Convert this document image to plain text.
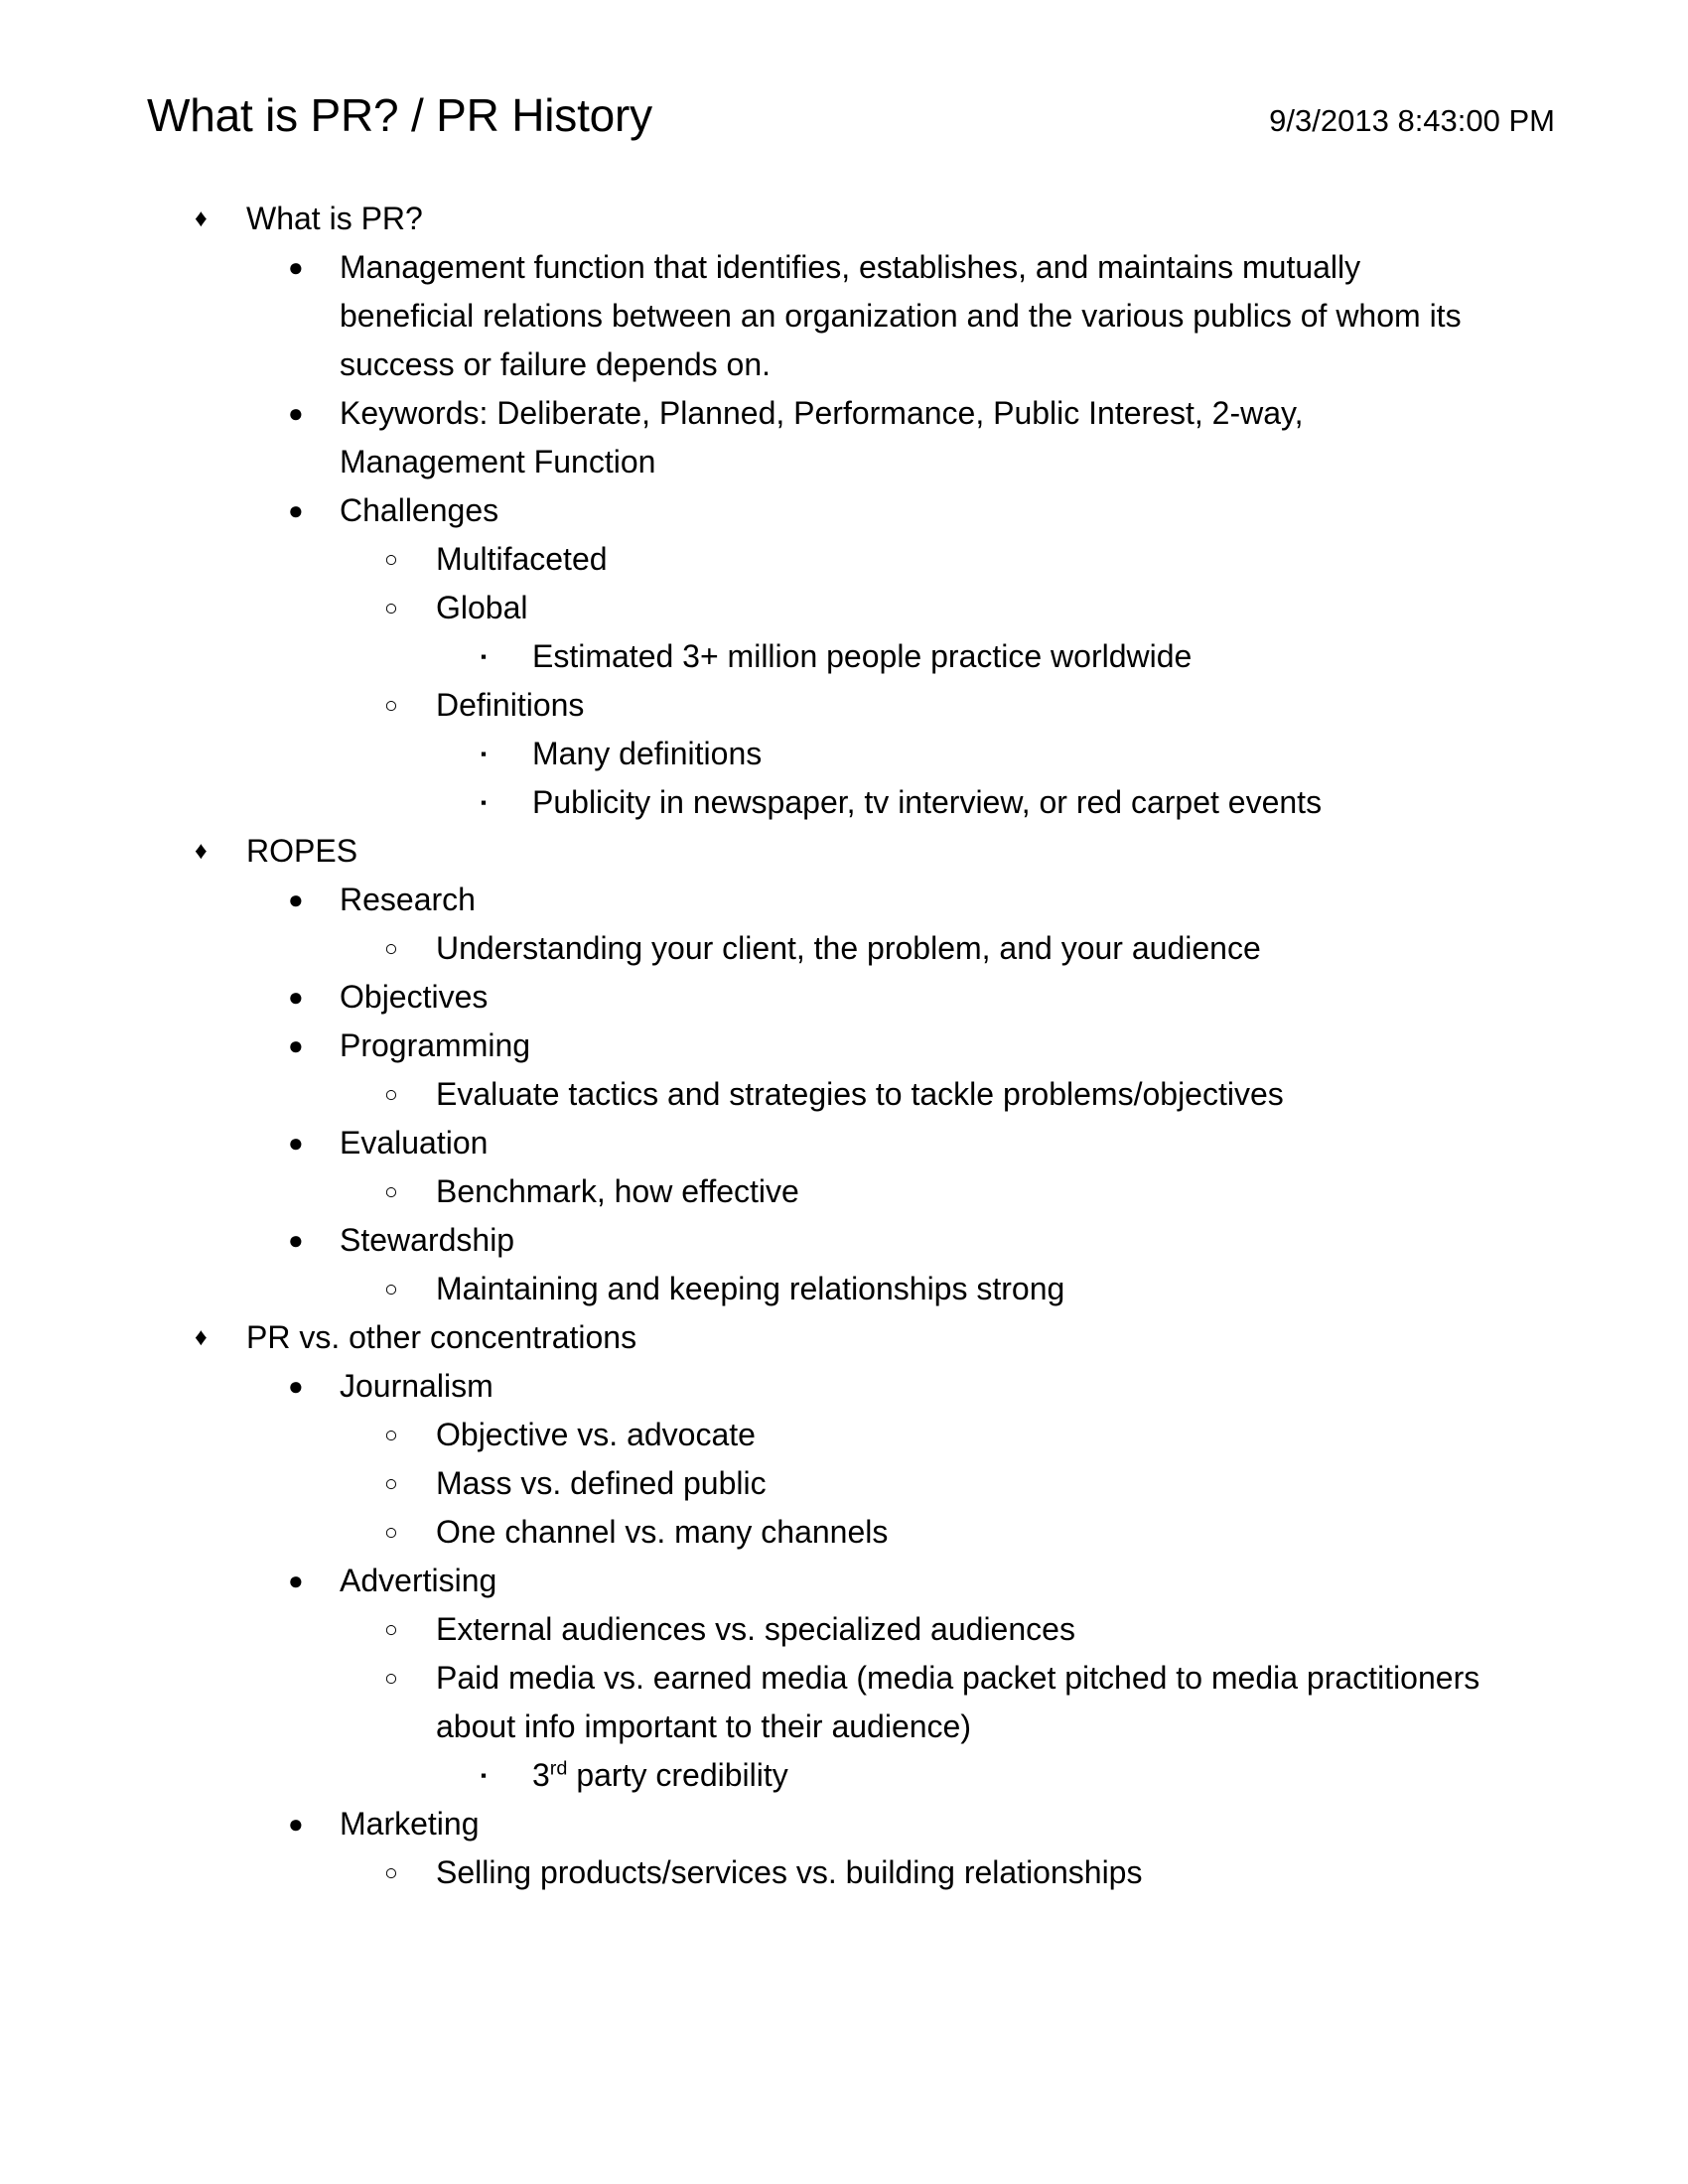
What is PR? / PR History	9/3/2013 8:43:00 PM
♦	What is PR?
●	Management function that identifies, establishes, and maintains mutually beneficial relations between an organization and the various publics of whom its success or failure depends on.
●	Keywords: Deliberate, Planned, Performance, Public Interest, 2-way, Management Function
●	Challenges
○	Multifaceted
○	Global
▪	Estimated 3+ million people practice worldwide
○	Definitions
▪	Many definitions
▪	Publicity in newspaper, tv interview, or red carpet events
♦	ROPES
●	Research
○	Understanding your client, the problem, and your audience
●	Objectives
●	Programming
○	Evaluate tactics and strategies to tackle problems/objectives
●	Evaluation
○	Benchmark, how effective
●	Stewardship
○	Maintaining and keeping relationships strong
♦	PR vs. other concentrations
●	Journalism
○	Objective vs. advocate
○	Mass vs. defined public
○	One channel vs. many channels
●	Advertising
○	External audiences vs. specialized audiences
○	Paid media vs. earned media (media packet pitched to media practitioners about info important to their audience)
▪	3rd party credibility
●	Marketing
○	Selling products/services vs. building relationships
